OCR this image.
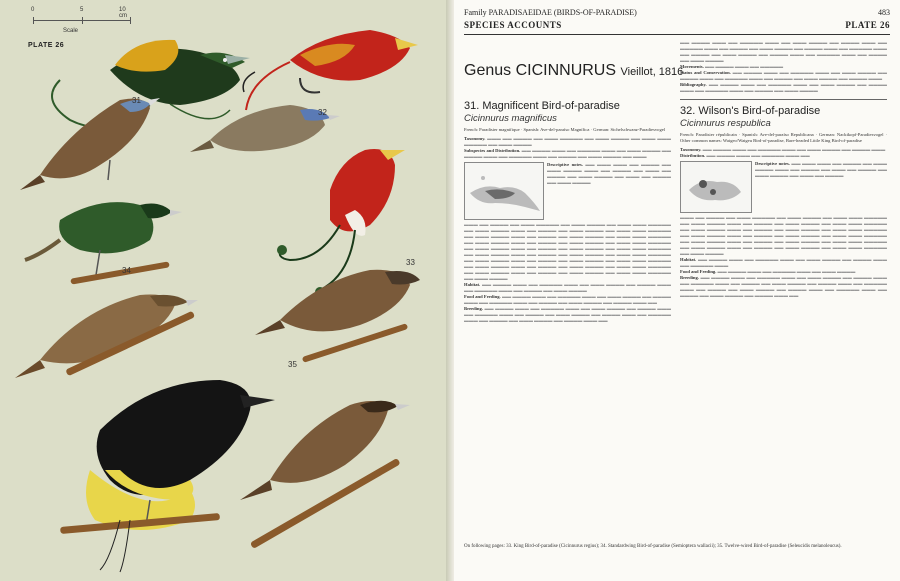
0	5	10 cm
Scale
PLATE 26
31
32
33
34
35
Family PARADISAEIDAE (BIRDS-OF-PARADISE)	483
SPECIES ACCOUNTS	PLATE 26
Genus CICINNURUS Vieillot, 1816
31. Magnificent Bird-of-paradise
Cicinnurus magnificus
French: Paradisier magnifique · Spanish: Ave-del-paraíso Magnífica · German: Sichelschwanz-Paradiesvogel
Taxonomy. ▬▬▬ ▬▬ ▬▬▬▬ ▬▬ ▬▬▬ ▬▬▬▬▬ ▬▬ ▬▬▬ ▬▬▬▬ ▬▬ ▬▬▬ ▬▬▬ ▬▬▬▬▬ ▬▬ ▬▬▬ ▬▬▬▬
Subspecies and Distribution. ▬▬ ▬▬▬▬ ▬▬▬ ▬▬ ▬▬▬▬▬ ▬▬▬ ▬▬ ▬▬▬ ▬▬▬▬ ▬▬ ▬▬▬▬ ▬▬▬ ▬▬ ▬▬▬▬▬ ▬▬▬ ▬▬ ▬▬▬▬ ▬▬ ▬▬▬ ▬▬▬▬ ▬▬ ▬▬▬
Descriptive notes. ▬▬ ▬▬▬ ▬▬▬ ▬▬ ▬▬▬▬ ▬▬ ▬▬▬ ▬▬▬▬ ▬▬▬ ▬▬ ▬▬▬▬ ▬▬ ▬▬▬ ▬▬ ▬▬▬▬ ▬▬ ▬▬▬ ▬▬▬▬ ▬▬ ▬▬▬ ▬▬ ▬▬▬▬ ▬▬ ▬▬▬ ▬▬▬▬
▬▬▬ ▬▬ ▬▬▬▬ ▬▬ ▬▬▬ ▬▬▬▬▬ ▬▬ ▬▬▬ ▬▬▬▬ ▬▬ ▬▬▬ ▬▬▬ ▬▬▬▬▬ ▬▬ ▬▬▬ ▬▬▬▬ ▬▬▬ ▬▬ ▬▬▬▬ ▬▬ ▬▬▬ ▬▬▬▬ ▬▬ ▬▬▬ ▬▬▬ ▬▬▬▬▬ ▬▬ ▬▬▬ ▬▬▬▬ ▬▬▬ ▬▬ ▬▬▬▬ ▬▬ ▬▬▬ ▬▬▬▬ ▬▬ ▬▬▬ ▬▬▬ ▬▬▬▬▬ ▬▬ ▬▬▬ ▬▬▬▬ ▬▬▬ ▬▬ ▬▬▬▬ ▬▬ ▬▬▬ ▬▬▬▬ ▬▬ ▬▬▬ ▬▬▬ ▬▬▬▬▬ ▬▬ ▬▬▬ ▬▬▬▬ ▬▬▬ ▬▬ ▬▬▬▬ ▬▬ ▬▬▬ ▬▬▬▬ ▬▬ ▬▬▬ ▬▬▬ ▬▬▬▬▬ ▬▬ ▬▬▬ ▬▬▬▬ ▬▬▬ ▬▬ ▬▬▬▬ ▬▬ ▬▬▬ ▬▬▬▬ ▬▬ ▬▬▬ ▬▬▬ ▬▬▬▬▬ ▬▬ ▬▬▬ ▬▬▬▬ ▬▬▬ ▬▬ ▬▬▬▬ ▬▬ ▬▬▬ ▬▬▬▬ ▬▬ ▬▬▬ ▬▬▬ ▬▬▬▬▬ ▬▬ ▬▬▬ ▬▬▬▬ ▬▬▬ ▬▬ ▬▬▬▬ ▬▬ ▬▬▬ ▬▬▬▬ ▬▬ ▬▬▬ ▬▬▬ ▬▬▬▬▬ ▬▬ ▬▬▬ ▬▬▬▬ ▬▬▬ ▬▬ ▬▬▬▬ ▬▬ ▬▬▬ ▬▬▬▬ ▬▬ ▬▬▬ ▬▬▬ ▬▬▬▬▬ ▬▬ ▬▬▬ ▬▬▬▬
Habitat. ▬▬ ▬▬▬▬ ▬▬▬ ▬▬ ▬▬▬▬▬ ▬▬▬ ▬▬ ▬▬▬ ▬▬▬▬ ▬▬ ▬▬▬▬ ▬▬▬ ▬▬ ▬▬▬▬▬ ▬▬▬ ▬▬ ▬▬▬▬ ▬▬ ▬▬▬ ▬▬▬▬
Food and Feeding. ▬▬ ▬▬▬▬ ▬▬▬ ▬▬ ▬▬▬▬▬ ▬▬▬ ▬▬ ▬▬▬ ▬▬▬▬ ▬▬ ▬▬▬▬ ▬▬▬ ▬▬ ▬▬▬▬▬ ▬▬▬ ▬▬ ▬▬▬▬ ▬▬ ▬▬▬ ▬▬▬▬ ▬▬ ▬▬▬▬ ▬▬▬ ▬▬
Breeding. ▬▬ ▬▬▬▬ ▬▬▬ ▬▬ ▬▬▬▬▬ ▬▬▬ ▬▬ ▬▬▬ ▬▬▬▬ ▬▬ ▬▬▬▬ ▬▬▬ ▬▬ ▬▬▬▬▬ ▬▬▬ ▬▬ ▬▬▬▬ ▬▬ ▬▬▬ ▬▬▬▬ ▬▬ ▬▬▬▬ ▬▬▬ ▬▬ ▬▬▬▬▬ ▬▬▬ ▬▬ ▬▬▬▬ ▬▬ ▬▬▬ ▬▬▬▬ ▬▬ ▬▬▬▬ ▬▬▬ ▬▬
▬▬ ▬▬▬▬ ▬▬▬ ▬▬ ▬▬▬▬▬ ▬▬▬ ▬▬ ▬▬▬ ▬▬▬▬ ▬▬ ▬▬▬▬ ▬▬▬ ▬▬ ▬▬▬▬▬ ▬▬▬ ▬▬ ▬▬▬▬ ▬▬ ▬▬▬ ▬▬▬▬ ▬▬ ▬▬▬▬ ▬▬▬ ▬▬ ▬▬▬▬▬ ▬▬▬ ▬▬ ▬▬▬▬ ▬▬ ▬▬▬ ▬▬▬▬ ▬▬ ▬▬▬▬ ▬▬▬ ▬▬ ▬▬▬▬▬ ▬▬▬ ▬▬ ▬▬▬▬ ▬▬ ▬▬▬ ▬▬▬▬
Movements. ▬▬ ▬▬▬▬ ▬▬▬ ▬▬ ▬▬▬▬▬
Status and Conservation. ▬▬ ▬▬▬▬ ▬▬▬ ▬▬ ▬▬▬▬▬ ▬▬▬ ▬▬ ▬▬▬ ▬▬▬▬ ▬▬ ▬▬▬▬ ▬▬▬ ▬▬ ▬▬▬▬▬ ▬▬▬ ▬▬ ▬▬▬▬ ▬▬ ▬▬▬ ▬▬▬▬ ▬▬ ▬▬▬▬ ▬▬▬
Bibliography. ▬▬ ▬▬▬▬ ▬▬▬ ▬▬ ▬▬▬▬▬ ▬▬▬ ▬▬ ▬▬▬ ▬▬▬▬ ▬▬ ▬▬▬▬ ▬▬▬ ▬▬ ▬▬▬▬▬ ▬▬▬ ▬▬ ▬▬▬▬ ▬▬ ▬▬▬ ▬▬▬▬
32. Wilson's Bird-of-paradise
Cicinnurus respublica
French: Paradisier républicain · Spanish: Ave-del-paraíso Republicana · German: Nacktkopf-Paradiesvogel · Other common names: Waigeo/Waigeu Bird-of-paradise, Bare-headed Little King Bird-of-paradise
Taxonomy. ▬▬ ▬▬▬▬ ▬▬▬ ▬▬ ▬▬▬▬▬ ▬▬▬ ▬▬ ▬▬▬ ▬▬▬▬ ▬▬ ▬▬▬▬ ▬▬▬
Distribution. ▬▬ ▬▬▬▬ ▬▬▬ ▬▬ ▬▬▬▬▬ ▬▬▬ ▬▬
Descriptive notes. ▬▬ ▬▬▬ ▬▬▬ ▬▬ ▬▬▬▬ ▬▬ ▬▬▬ ▬▬▬▬ ▬▬▬ ▬▬ ▬▬▬▬ ▬▬ ▬▬▬ ▬▬ ▬▬▬▬ ▬▬ ▬▬▬ ▬▬▬▬ ▬▬ ▬▬▬ ▬▬ ▬▬▬▬
▬▬▬ ▬▬ ▬▬▬▬ ▬▬ ▬▬▬ ▬▬▬▬▬ ▬▬ ▬▬▬ ▬▬▬▬ ▬▬ ▬▬▬ ▬▬▬ ▬▬▬▬▬ ▬▬ ▬▬▬ ▬▬▬▬ ▬▬▬ ▬▬ ▬▬▬▬ ▬▬ ▬▬▬ ▬▬▬▬ ▬▬ ▬▬▬ ▬▬▬ ▬▬▬▬▬ ▬▬ ▬▬▬ ▬▬▬▬ ▬▬▬ ▬▬ ▬▬▬▬ ▬▬ ▬▬▬ ▬▬▬▬ ▬▬ ▬▬▬ ▬▬▬ ▬▬▬▬▬ ▬▬ ▬▬▬ ▬▬▬▬ ▬▬▬ ▬▬ ▬▬▬▬ ▬▬ ▬▬▬ ▬▬▬▬ ▬▬ ▬▬▬ ▬▬▬ ▬▬▬▬▬ ▬▬ ▬▬▬ ▬▬▬▬ ▬▬▬ ▬▬ ▬▬▬▬ ▬▬ ▬▬▬ ▬▬▬▬ ▬▬ ▬▬▬ ▬▬▬ ▬▬▬▬▬ ▬▬ ▬▬▬ ▬▬▬▬ ▬▬▬ ▬▬ ▬▬▬▬ ▬▬ ▬▬▬ ▬▬▬▬ ▬▬ ▬▬▬ ▬▬▬ ▬▬▬▬▬ ▬▬ ▬▬▬ ▬▬▬▬
Habitat. ▬▬ ▬▬▬▬ ▬▬▬ ▬▬ ▬▬▬▬▬ ▬▬▬ ▬▬ ▬▬▬ ▬▬▬▬ ▬▬ ▬▬▬▬ ▬▬▬ ▬▬ ▬▬▬▬▬ ▬▬▬
Food and Feeding. ▬▬ ▬▬▬▬ ▬▬▬ ▬▬ ▬▬▬▬▬ ▬▬▬ ▬▬ ▬▬▬ ▬▬▬▬
Breeding. ▬▬ ▬▬▬▬ ▬▬▬ ▬▬ ▬▬▬▬▬ ▬▬▬ ▬▬ ▬▬▬ ▬▬▬▬ ▬▬ ▬▬▬▬ ▬▬▬ ▬▬ ▬▬▬▬▬ ▬▬▬ ▬▬ ▬▬▬▬ ▬▬ ▬▬▬ ▬▬▬▬ ▬▬ ▬▬▬▬ ▬▬▬ ▬▬ ▬▬▬▬▬ ▬▬▬ ▬▬ ▬▬▬▬ ▬▬ ▬▬▬ ▬▬▬▬ ▬▬ ▬▬▬▬ ▬▬▬ ▬▬ ▬▬▬▬▬ ▬▬▬ ▬▬ ▬▬▬▬ ▬▬ ▬▬▬ ▬▬▬▬ ▬▬ ▬▬▬▬ ▬▬▬ ▬▬
On following pages: 33. King Bird-of-paradise (Cicinnurus regius); 34. Standardwing Bird-of-paradise (Semioptera wallacii); 35. Twelve-wired Bird-of-paradise (Seleucidis melanoleucus).
